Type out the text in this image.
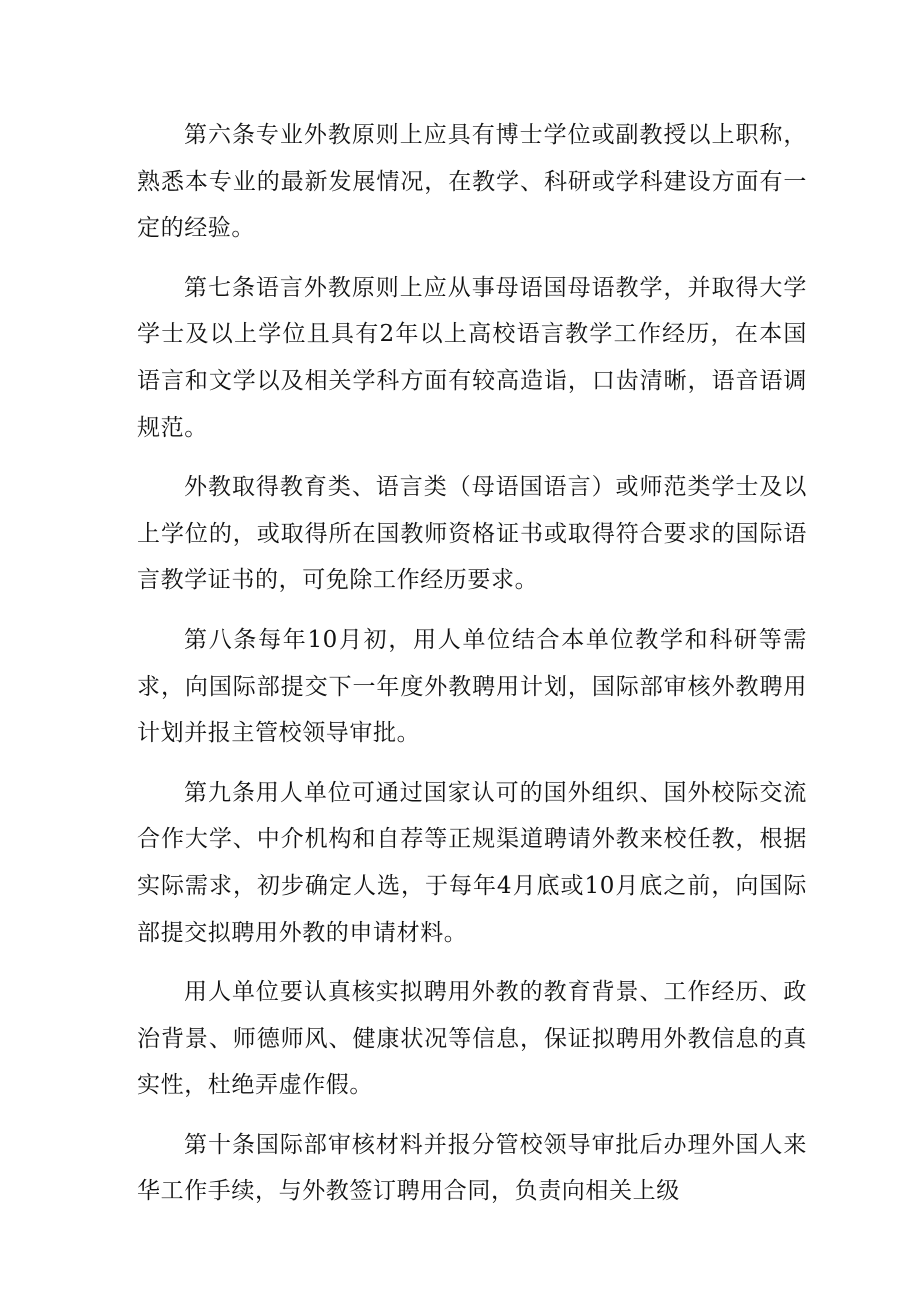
第六条专业外教原则上应具有博士学位或副教授以上职称，熟悉本专业的最新发展情况，在教学、科研或学科建设方面有一定的经验。

第七条语言外教原则上应从事母语国母语教学，并取得大学学士及以上学位且具有2年以上高校语言教学工作经历，在本国语言和文学以及相关学科方面有较高造诣，口齿清晰，语音语调规范。

外教取得教育类、语言类（母语国语言）或师范类学士及以上学位的，或取得所在国教师资格证书或取得符合要求的国际语言教学证书的，可免除工作经历要求。

第八条每年10月初，用人单位结合本单位教学和科研等需求，向国际部提交下一年度外教聘用计划，国际部审核外教聘用计划并报主管校领导审批。

第九条用人单位可通过国家认可的国外组织、国外校际交流合作大学、中介机构和自荐等正规渠道聘请外教来校任教，根据实际需求，初步确定人选，于每年4月底或10月底之前，向国际部提交拟聘用外教的申请材料。

用人单位要认真核实拟聘用外教的教育背景、工作经历、政治背景、师德师风、健康状况等信息，保证拟聘用外教信息的真实性，杜绝弄虚作假。

第十条国际部审核材料并报分管校领导审批后办理外国人来华工作手续，与外教签订聘用合同，负责向相关上级
